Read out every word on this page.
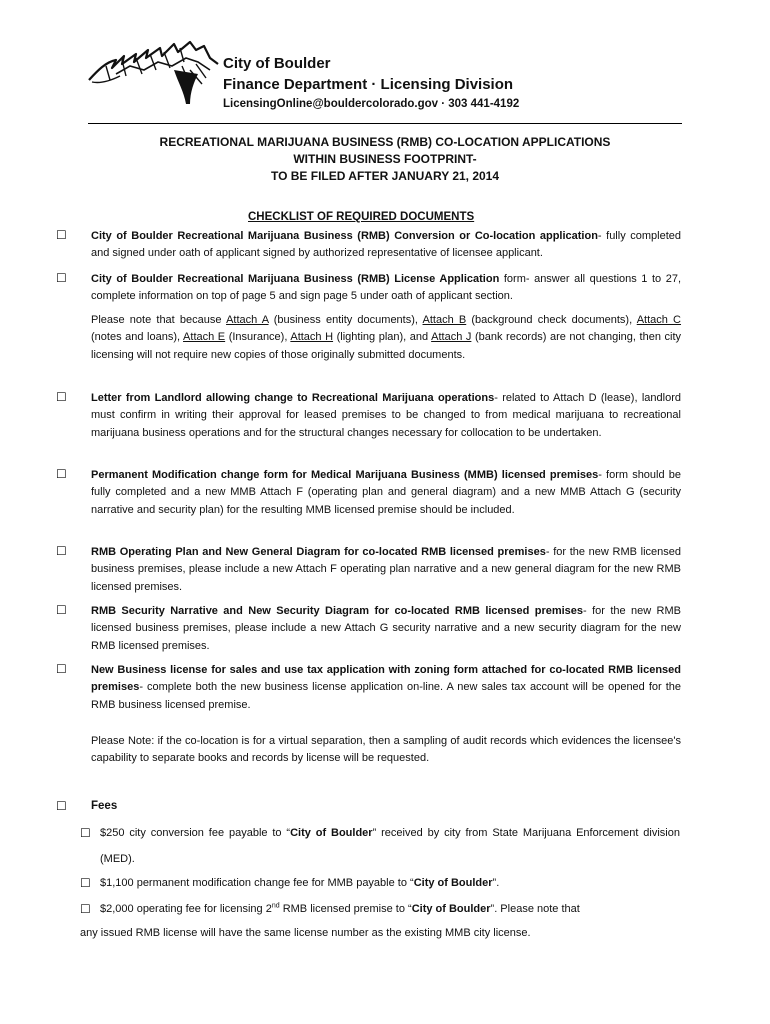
City of Boulder
Finance Department · Licensing Division
LicensingOnline@bouldercolorado.gov · 303 441-4192
RECREATIONAL MARIJUANA BUSINESS (RMB) CO-LOCATION APPLICATIONS
WITHIN BUSINESS FOOTPRINT-
TO BE FILED AFTER JANUARY 21, 2014
CHECKLIST OF REQUIRED DOCUMENTS
☐ City of Boulder Recreational Marijuana Business (RMB) Conversion or Co-location application- fully completed and signed under oath of applicant signed by authorized representative of licensee applicant.
☐ City of Boulder Recreational Marijuana Business (RMB) License Application form- answer all questions 1 to 27, complete information on top of page 5 and sign page 5 under oath of applicant section.
Please note that because Attach A (business entity documents), Attach B (background check documents), Attach C (notes and loans), Attach E (Insurance), Attach H (lighting plan), and Attach J (bank records) are not changing, then city licensing will not require new copies of those originally submitted documents.
☐ Letter from Landlord allowing change to Recreational Marijuana operations- related to Attach D (lease), landlord must confirm in writing their approval for leased premises to be changed to from medical marijuana to recreational marijuana business operations and for the structural changes necessary for collocation to be undertaken.
☐ Permanent Modification change form for Medical Marijuana Business (MMB) licensed premises- form should be fully completed and a new MMB Attach F (operating plan and general diagram) and a new MMB Attach G (security narrative and security plan) for the resulting MMB licensed premise should be included.
☐ RMB Operating Plan and New General Diagram for co-located RMB licensed premises- for the new RMB licensed business premises, please include a new Attach F operating plan narrative and a new general diagram for the new RMB licensed premises.
☐ RMB Security Narrative and New Security Diagram for co-located RMB licensed premises- for the new RMB licensed business premises, please include a new Attach G security narrative and a new security diagram for the new RMB licensed premises.
☐ New Business license for sales and use tax application with zoning form attached for co-located RMB licensed premises- complete both the new business license application on-line. A new sales tax account will be opened for the RMB business licensed premise.
Please Note: if the co-location is for a virtual separation, then a sampling of audit records which evidences the licensee's capability to separate books and records by license will be requested.
☐ Fees
☐ $250 city conversion fee payable to “City of Boulder” received by city from State Marijuana Enforcement division (MED).
☐ $1,100 permanent modification change fee for MMB payable to “City of Boulder”.
☐ $2,000 operating fee for licensing 2nd RMB licensed premise to “City of Boulder”. Please note that
any issued RMB license will have the same license number as the existing MMB city license.
